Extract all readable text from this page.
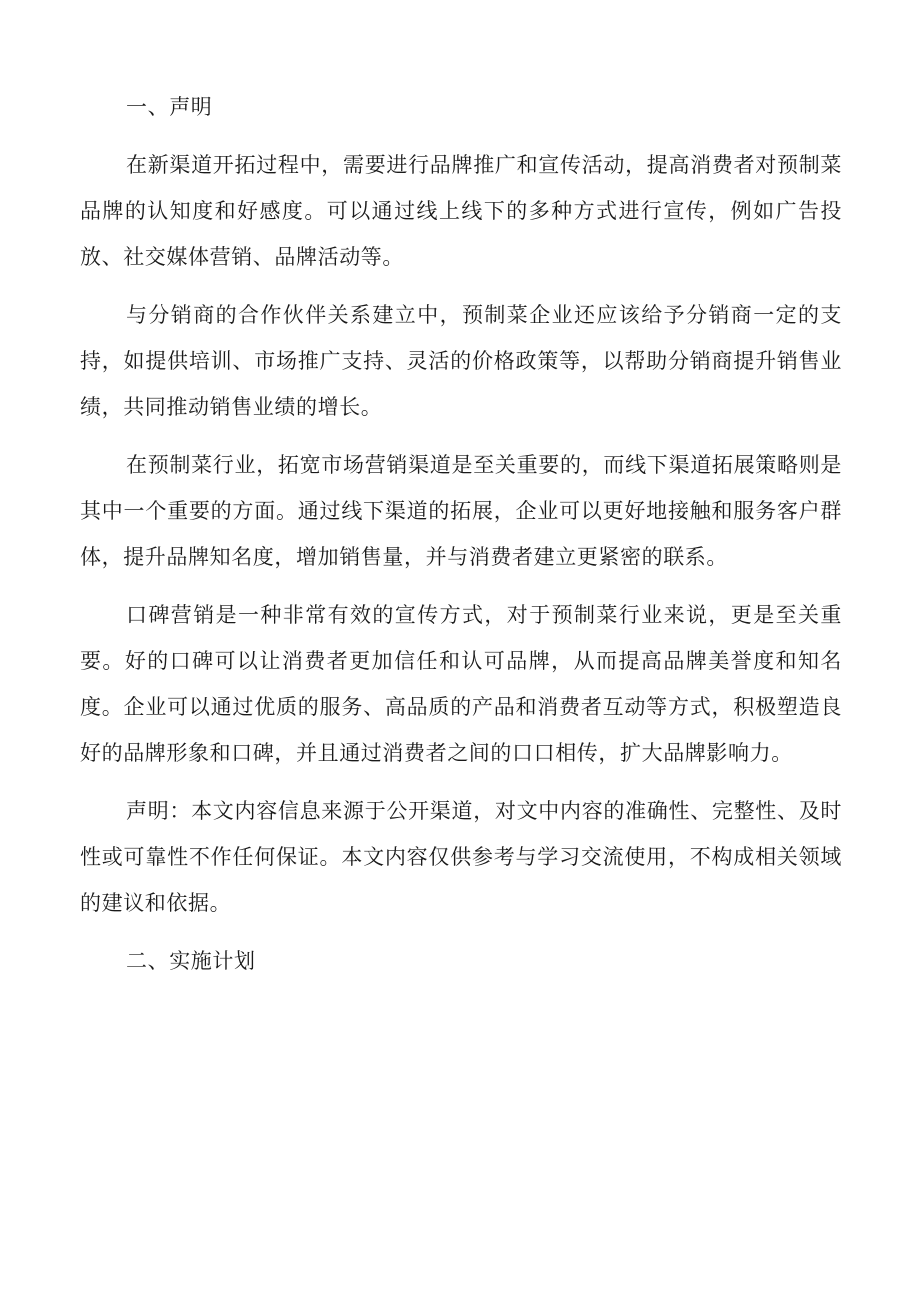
一、声明

在新渠道开拓过程中，需要进行品牌推广和宣传活动，提高消费者对预制菜品牌的认知度和好感度。可以通过线上线下的多种方式进行宣传，例如广告投放、社交媒体营销、品牌活动等。

与分销商的合作伙伴关系建立中，预制菜企业还应该给予分销商一定的支持，如提供培训、市场推广支持、灵活的价格政策等，以帮助分销商提升销售业绩，共同推动销售业绩的增长。

在预制菜行业，拓宽市场营销渠道是至关重要的，而线下渠道拓展策略则是其中一个重要的方面。通过线下渠道的拓展，企业可以更好地接触和服务客户群体，提升品牌知名度，增加销售量，并与消费者建立更紧密的联系。

口碑营销是一种非常有效的宣传方式，对于预制菜行业来说，更是至关重要。好的口碑可以让消费者更加信任和认可品牌，从而提高品牌美誉度和知名度。企业可以通过优质的服务、高品质的产品和消费者互动等方式，积极塑造良好的品牌形象和口碑，并且通过消费者之间的口口相传，扩大品牌影响力。

声明：本文内容信息来源于公开渠道，对文中内容的准确性、完整性、及时性或可靠性不作任何保证。本文内容仅供参考与学习交流使用，不构成相关领域的建议和依据。

二、实施计划
